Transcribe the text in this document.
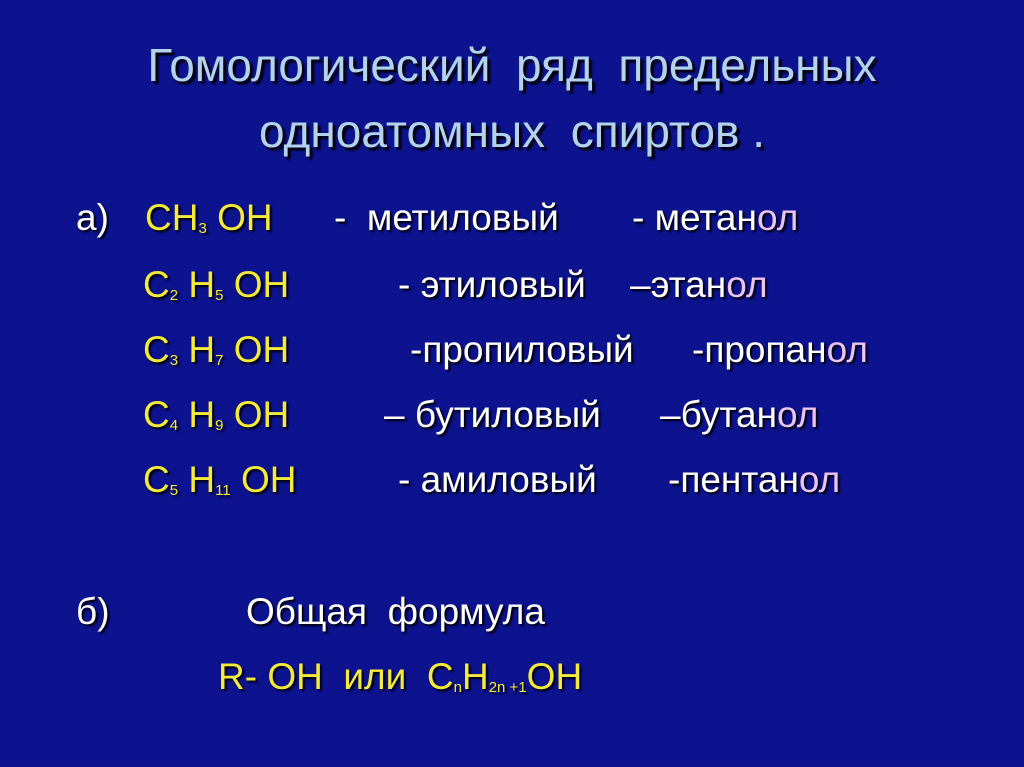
Гомологический  ряд  предельных
одноатомных  спиртов .
а) $CH_3$ OH -  метиловый - метанол
$C_2$ $H_5$ OH	- этиловый –этанол
$C_3$ $H_7$ OH	-пропиловый -пропанол
$C_4$ $H_9$ OH	– бутиловый –бутанол
$C_5$ $H_{11}$ OH	- амиловый -пентанол
б)	Общая  формула
R- OH или $C_nH_{2n +1}OH$
